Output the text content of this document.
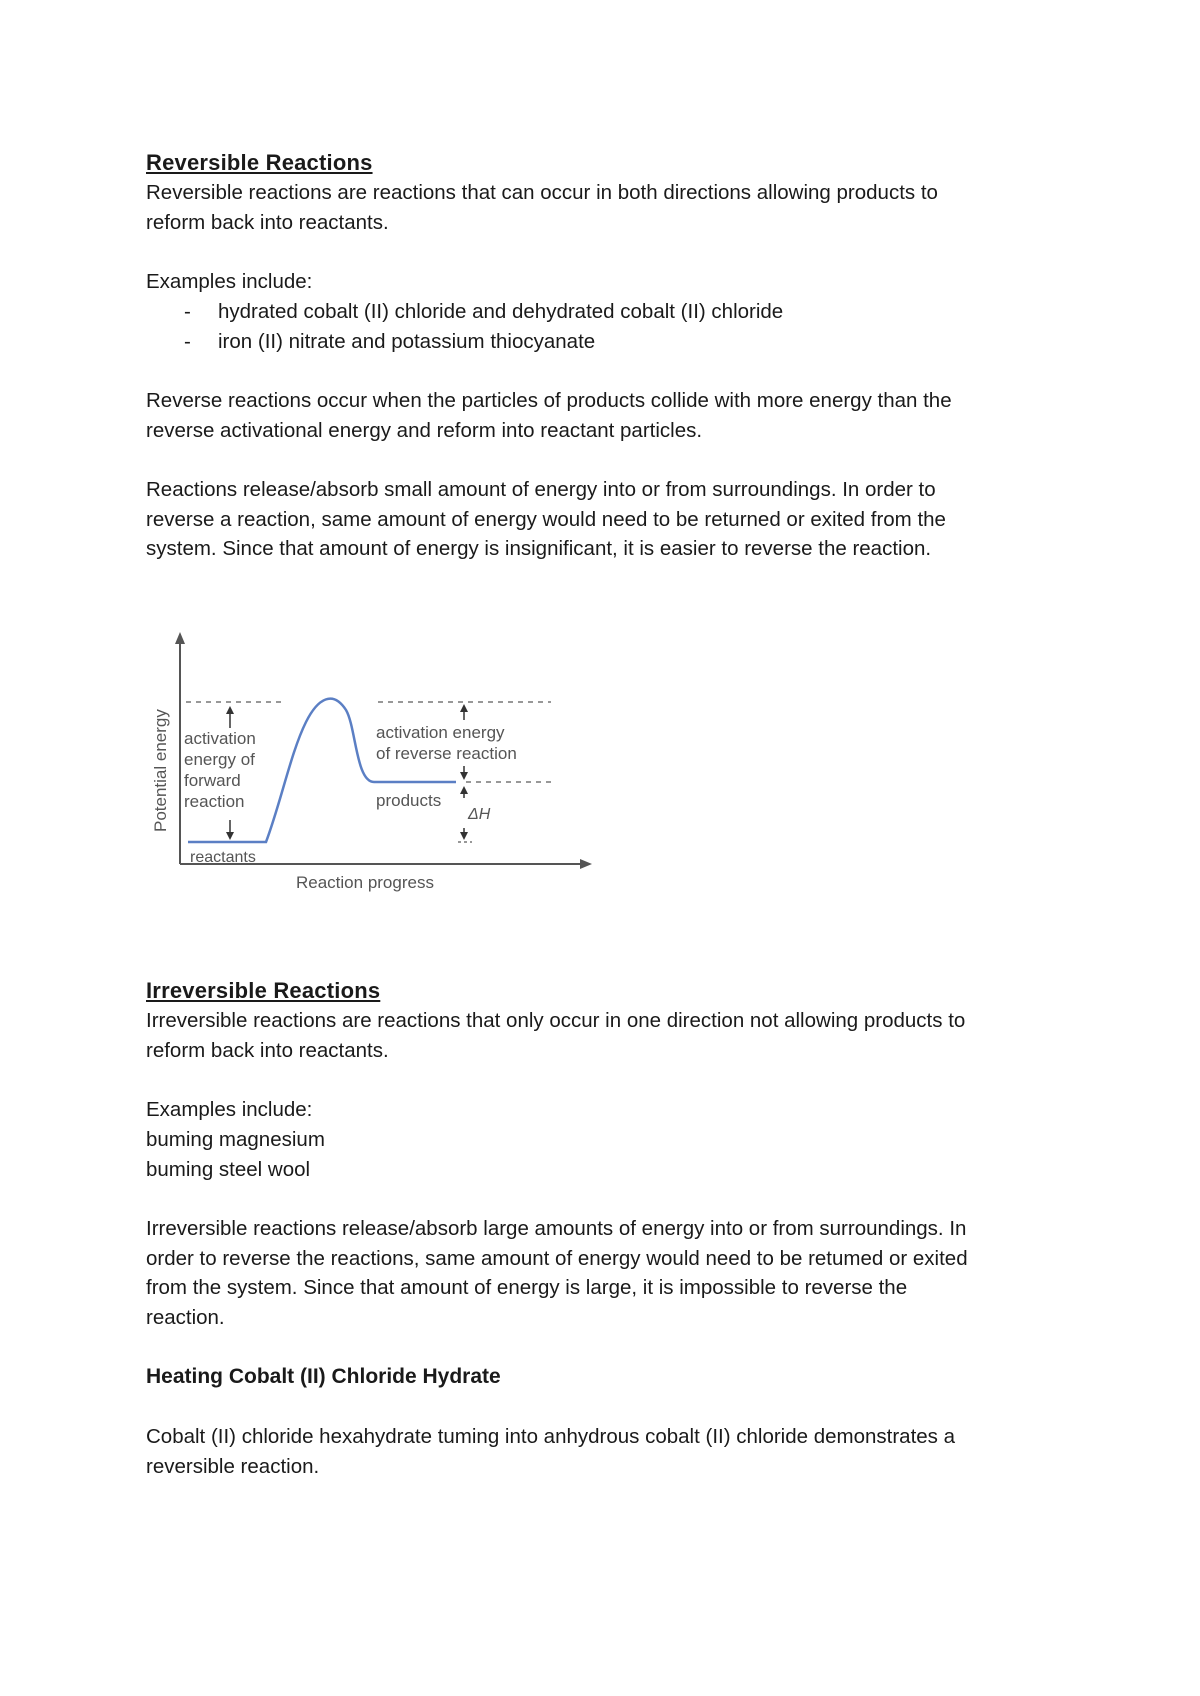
Reversible Reactions
Reversible reactions are reactions that can occur in both directions allowing products to
reform back into reactants.
Examples include:
- hydrated cobalt (II) chloride and dehydrated cobalt (II) chloride
- iron (II) nitrate and potassium thiocyanate
Reverse reactions occur when the particles of products collide with more energy than the
reverse activational energy and reform into reactant particles.
Reactions release/absorb small amount of energy into or from surroundings. In order to
reverse a reaction, same amount of energy would need to be returned or exited from the
system. Since that amount of energy is insignificant, it is easier to reverse the reaction.
Potential energy
Reaction progress
activation
energy of
forward
reaction
activation energy
of reverse reaction
products
reactants
ΔH
Irreversible Reactions
Irreversible reactions are reactions that only occur in one direction not allowing products to
reform back into reactants.
Examples include:
buming magnesium
buming steel wool
Irreversible reactions release/absorb large amounts of energy into or from surroundings. In
order to reverse the reactions, same amount of energy would need to be retumed or exited
from the system. Since that amount of energy is large, it is impossible to reverse the
reaction.
Heating Cobalt (II) Chloride Hydrate
Cobalt (II) chloride hexahydrate tuming into anhydrous cobalt (II) chloride demonstrates a
reversible reaction.
